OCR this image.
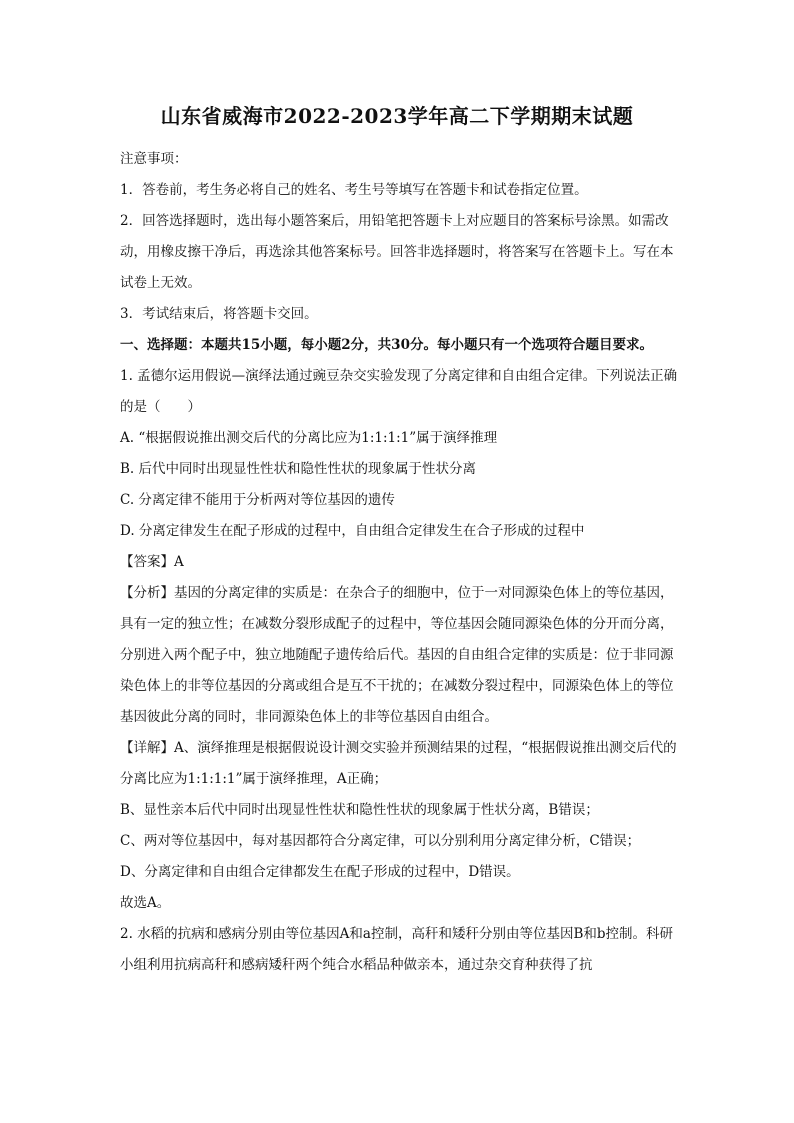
山东省威海市2022-2023学年高二下学期期末试题

注意事项：

1．答卷前，考生务必将自己的姓名、考生号等填写在答题卡和试卷指定位置。

2．回答选择题时，选出每小题答案后，用铅笔把答题卡上对应题目的答案标号涂黑。如需改动，用橡皮擦干净后，再选涂其他答案标号。回答非选择题时，将答案写在答题卡上。写在本试卷上无效。

3．考试结束后，将答题卡交回。

一、选择题：本题共15小题，每小题2分，共30分。每小题只有一个选项符合题目要求。

1. 孟德尔运用假说—演绎法通过豌豆杂交实验发现了分离定律和自由组合定律。下列说法正确的是（　　）

A. “根据假说推出测交后代的分离比应为1:1:1:1”属于演绎推理

B. 后代中同时出现显性性状和隐性性状的现象属于性状分离

C. 分离定律不能用于分析两对等位基因的遗传

D. 分离定律发生在配子形成的过程中，自由组合定律发生在合子形成的过程中

【答案】A

【分析】基因的分离定律的实质是：在杂合子的细胞中，位于一对同源染色体上的等位基因，具有一定的独立性；在减数分裂形成配子的过程中，等位基因会随同源染色体的分开而分离，分别进入两个配子中，独立地随配子遗传给后代。基因的自由组合定律的实质是：位于非同源染色体上的非等位基因的分离或组合是互不干扰的；在减数分裂过程中，同源染色体上的等位基因彼此分离的同时，非同源染色体上的非等位基因自由组合。

【详解】A、演绎推理是根据假说设计测交实验并预测结果的过程，“根据假说推出测交后代的分离比应为1:1:1:1”属于演绎推理，A正确；

B、显性亲本后代中同时出现显性性状和隐性性状的现象属于性状分离，B错误；

C、两对等位基因中，每对基因都符合分离定律，可以分别利用分离定律分析，C错误；

D、分离定律和自由组合定律都发生在配子形成的过程中，D错误。

故选A。

2. 水稻的抗病和感病分别由等位基因A和a控制，高秆和矮秆分别由等位基因B和b控制。科研小组利用抗病高秆和感病矮秆两个纯合水稻品种做亲本，通过杂交育种获得了抗
